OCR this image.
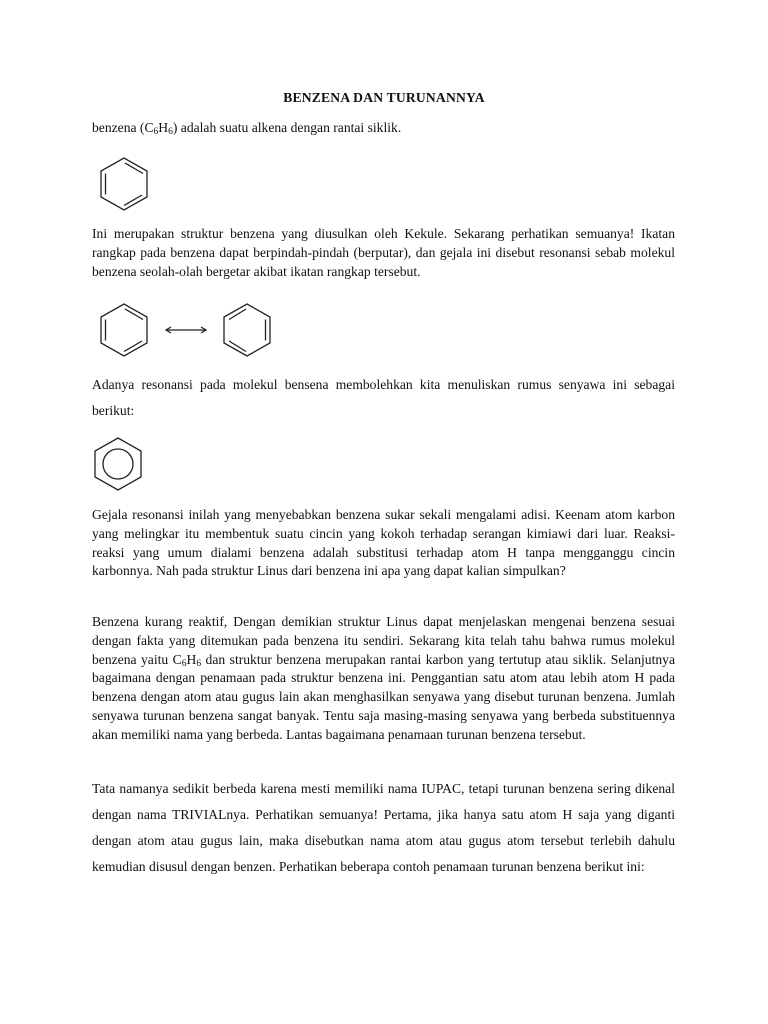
BENZENA DAN TURUNANNYA

benzena $(C_6H_6)$ adalah suatu alkena dengan rantai siklik.

Ini merupakan struktur benzena yang diusulkan oleh Kekule. Sekarang perhatikan semuanya! Ikatan rangkap pada benzena dapat berpindah-pindah (berputar), dan gejala ini disebut resonansi sebab molekul benzena seolah-olah bergetar akibat ikatan rangkap tersebut.

Adanya resonansi pada molekul bensena membolehkan kita menuliskan rumus senyawa ini sebagai berikut:

Gejala resonansi inilah yang menyebabkan benzena sukar sekali mengalami adisi. Keenam atom karbon yang melingkar itu membentuk suatu cincin yang kokoh terhadap serangan kimiawi dari luar. Reaksi-reaksi yang umum dialami benzena adalah substitusi terhadap atom H tanpa mengganggu cincin karbonnya. Nah pada struktur Linus dari benzena ini apa yang dapat kalian simpulkan?

Benzena kurang reaktif, Dengan demikian struktur Linus dapat menjelaskan mengenai benzena sesuai dengan fakta yang ditemukan pada benzena itu sendiri. Sekarang kita telah tahu bahwa rumus molekul benzena yaitu $C_6H_6$ dan struktur benzena merupakan rantai karbon yang tertutup atau siklik. Selanjutnya bagaimana dengan penamaan pada struktur benzena ini. Penggantian satu atom atau lebih atom H pada benzena dengan atom atau gugus lain akan menghasilkan senyawa yang disebut turunan benzena. Jumlah senyawa turunan benzena sangat banyak. Tentu saja masing-masing senyawa yang berbeda substituennya akan memiliki nama yang berbeda. Lantas bagaimana penamaan turunan benzena tersebut.

Tata namanya sedikit berbeda karena mesti memiliki nama IUPAC, tetapi turunan benzena sering dikenal dengan nama TRIVIALnya. Perhatikan semuanya! Pertama, jika hanya satu atom H saja yang diganti dengan atom atau gugus lain, maka disebutkan nama atom atau gugus atom tersebut terlebih dahulu kemudian disusul dengan benzen. Perhatikan beberapa contoh penamaan turunan benzena berikut ini:
